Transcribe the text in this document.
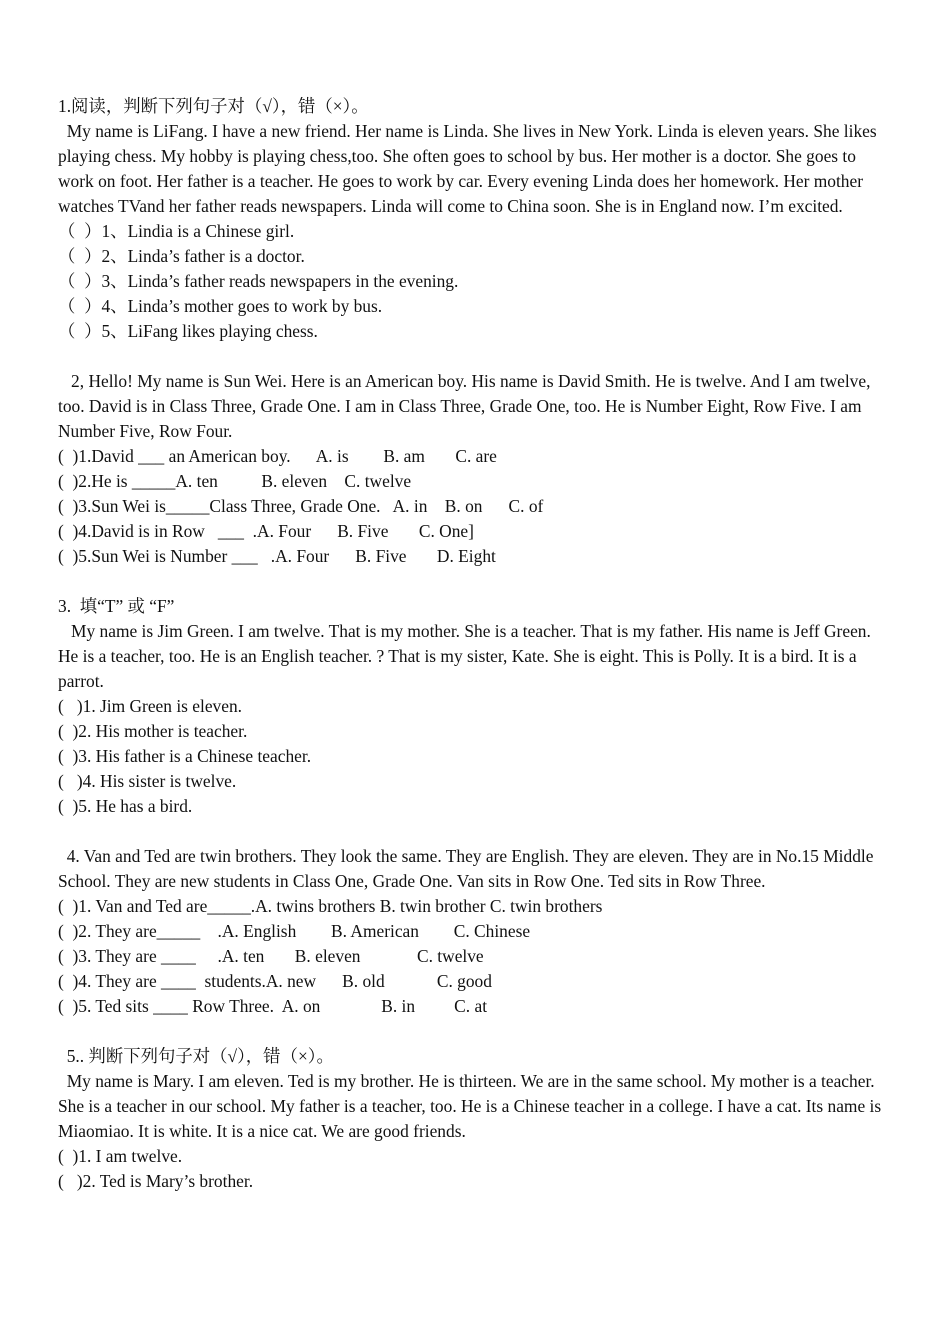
1.阅读，判断下列句子对（√），错（×）。
My name is LiFang. I have a new friend. Her name is Linda. She lives in New York. Linda is eleven years. She likes playing chess. My hobby is playing chess,too. She often goes to school by bus. Her mother is a doctor. She goes to work on foot. Her father is a teacher. He goes to work by car. Every evening Linda does her homework. Her mother watches TVand her father reads newspapers. Linda will come to China soon. She is in England now. I’m excited.
（  ）1、Lindia is a Chinese girl.
（  ）2、Linda’s father is a doctor.
（  ）3、Linda’s father reads newspapers in the evening.
（  ）4、Linda’s mother goes to work by bus.
（  ）5、LiFang likes playing chess.
2, Hello! My name is Sun Wei. Here is an American boy. His name is David Smith. He is twelve. And I am twelve, too. David is in Class Three, Grade One. I am in Class Three, Grade One, too. He is Number Eight, Row Five. I am Number Five, Row Four.
(  )1.David ___ an American boy.      A. is        B. am       C. are
(  )2.He is _____A. ten          B. eleven    C. twelve
(  )3.Sun Wei is_____Class Three, Grade One.   A. in    B. on      C. of
(  )4.David is in Row   ___  .A. Four      B. Five       C. One]
(  )5.Sun Wei is Number ___   .A. Four      B. Five       D. Eight
3.  填“T” 或 “F”
My name is Jim Green. I am twelve. That is my mother. She is a teacher. That is my father. His name is Jeff Green. He is a teacher, too. He is an English teacher. ? That is my sister, Kate. She is eight. This is Polly. It is a bird. It is a parrot.
(   )1. Jim Green is eleven.
(  )2. His mother is teacher.
(  )3. His father is a Chinese teacher.
(   )4. His sister is twelve.
(  )5. He has a bird.
4. Van and Ted are twin brothers. They look the same. They are English. They are eleven. They are in No.15 Middle School. They are new students in Class One, Grade One. Van sits in Row One. Ted sits in Row Three.
(  )1. Van and Ted are_____.A. twins brothers B. twin brother C. twin brothers
(  )2. They are_____    .A. English        B. American        C. Chinese
(  )3. They are ____     .A. ten       B. eleven             C. twelve
(  )4. They are ____  students.A. new      B. old            C. good
(  )5. Ted sits ____ Row Three.  A. on              B. in         C. at
5.. 判断下列句子对（√），错（×）。
My name is Mary. I am eleven. Ted is my brother. He is thirteen. We are in the same school. My mother is a teacher. She is a teacher in our school. My father is a teacher, too. He is a Chinese teacher in a college. I have a cat. Its name is Miaomiao. It is white. It is a nice cat. We are good friends.
(  )1. I am twelve.
(   )2. Ted is Mary’s brother.
